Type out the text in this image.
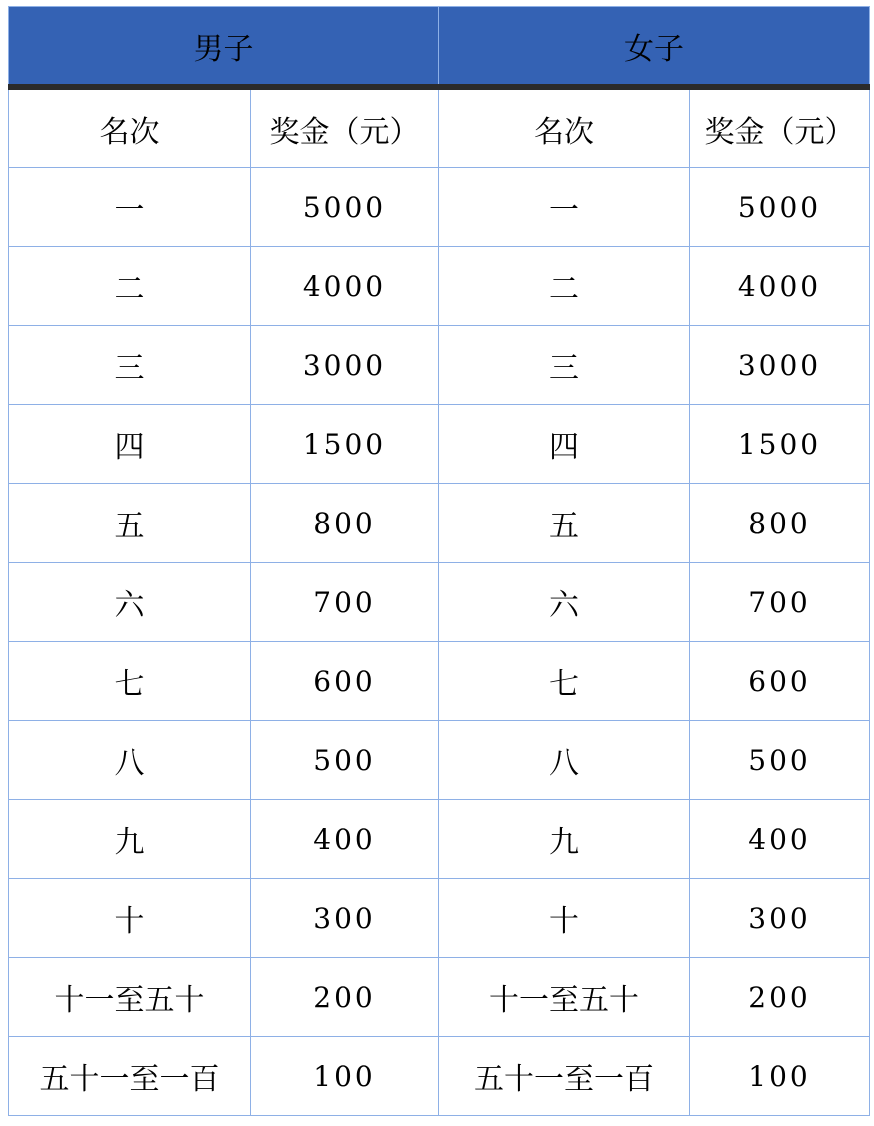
男子		女子	
名次	奖金（元）	名次	奖金（元）
一	5000	一	5000
二	4000	二	4000
三	3000	三	3000
四	1500	四	1500
五	800	五	800
六	700	六	700
七	600	七	600
八	500	八	500
九	400	九	400
十	300	十	300
十一至五十	200	十一至五十	200
五十一至一百	100	五十一至一百	100
